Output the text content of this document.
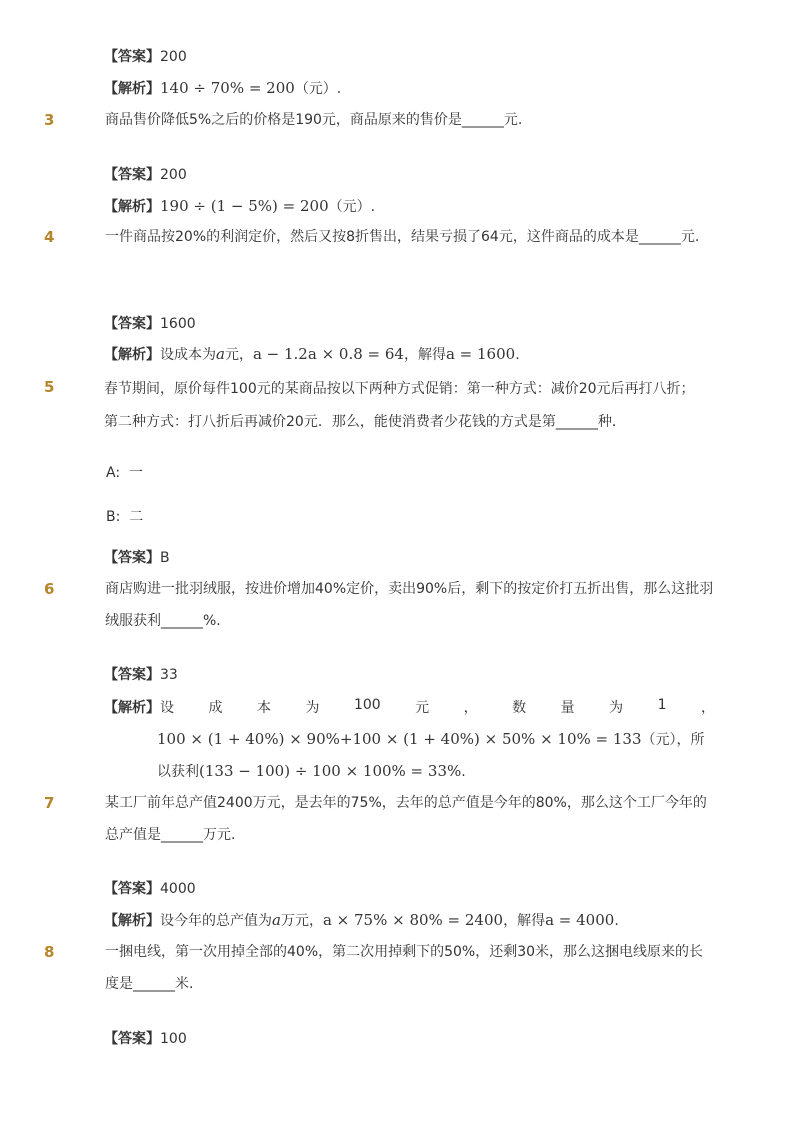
【答案】200
【解析】140 ÷ 70% = 200（元）.
3	商品售价降低5%之后的价格是190元，商品原来的售价是______元.
【答案】200
【解析】190 ÷ (1 − 5%) = 200（元）.
4	一件商品按20%的利润定价，然后又按8折售出，结果亏损了64元，这件商品的成本是______元.
【答案】1600
【解析】设成本为a元，a − 1.2a × 0.8 = 64，解得a = 1600.
5	春节期间，原价每件100元的某商品按以下两种方式促销：第一种方式：减价20元后再打八折；
第二种方式：打八折后再减价20元．那么，能使消费者少花钱的方式是第______种．
A: 一
B: 二
【答案】B
6	商店购进一批羽绒服，按进价增加40%定价，卖出90%后，剩下的按定价打五折出售，那么这批羽绒服获利______%.
【答案】33
【解析】 设 成 本 为 100 元 ， 数 量 为 1 ，
100 × (1 + 40%) × 90%+100 × (1 + 40%) × 50% × 10% = 133（元），所
以获利(133 − 100) ÷ 100 × 100% = 33%.
7	某工厂前年总产值2400万元，是去年的75%，去年的总产值是今年的80%，那么这个工厂今年的总产值是______万元.
【答案】4000
【解析】设今年的总产值为a万元，a × 75% × 80% = 2400，解得a = 4000.
8	一捆电线，第一次用掉全部的40%，第二次用掉剩下的50%，还剩30米，那么这捆电线原来的长度是______米.
【答案】100
